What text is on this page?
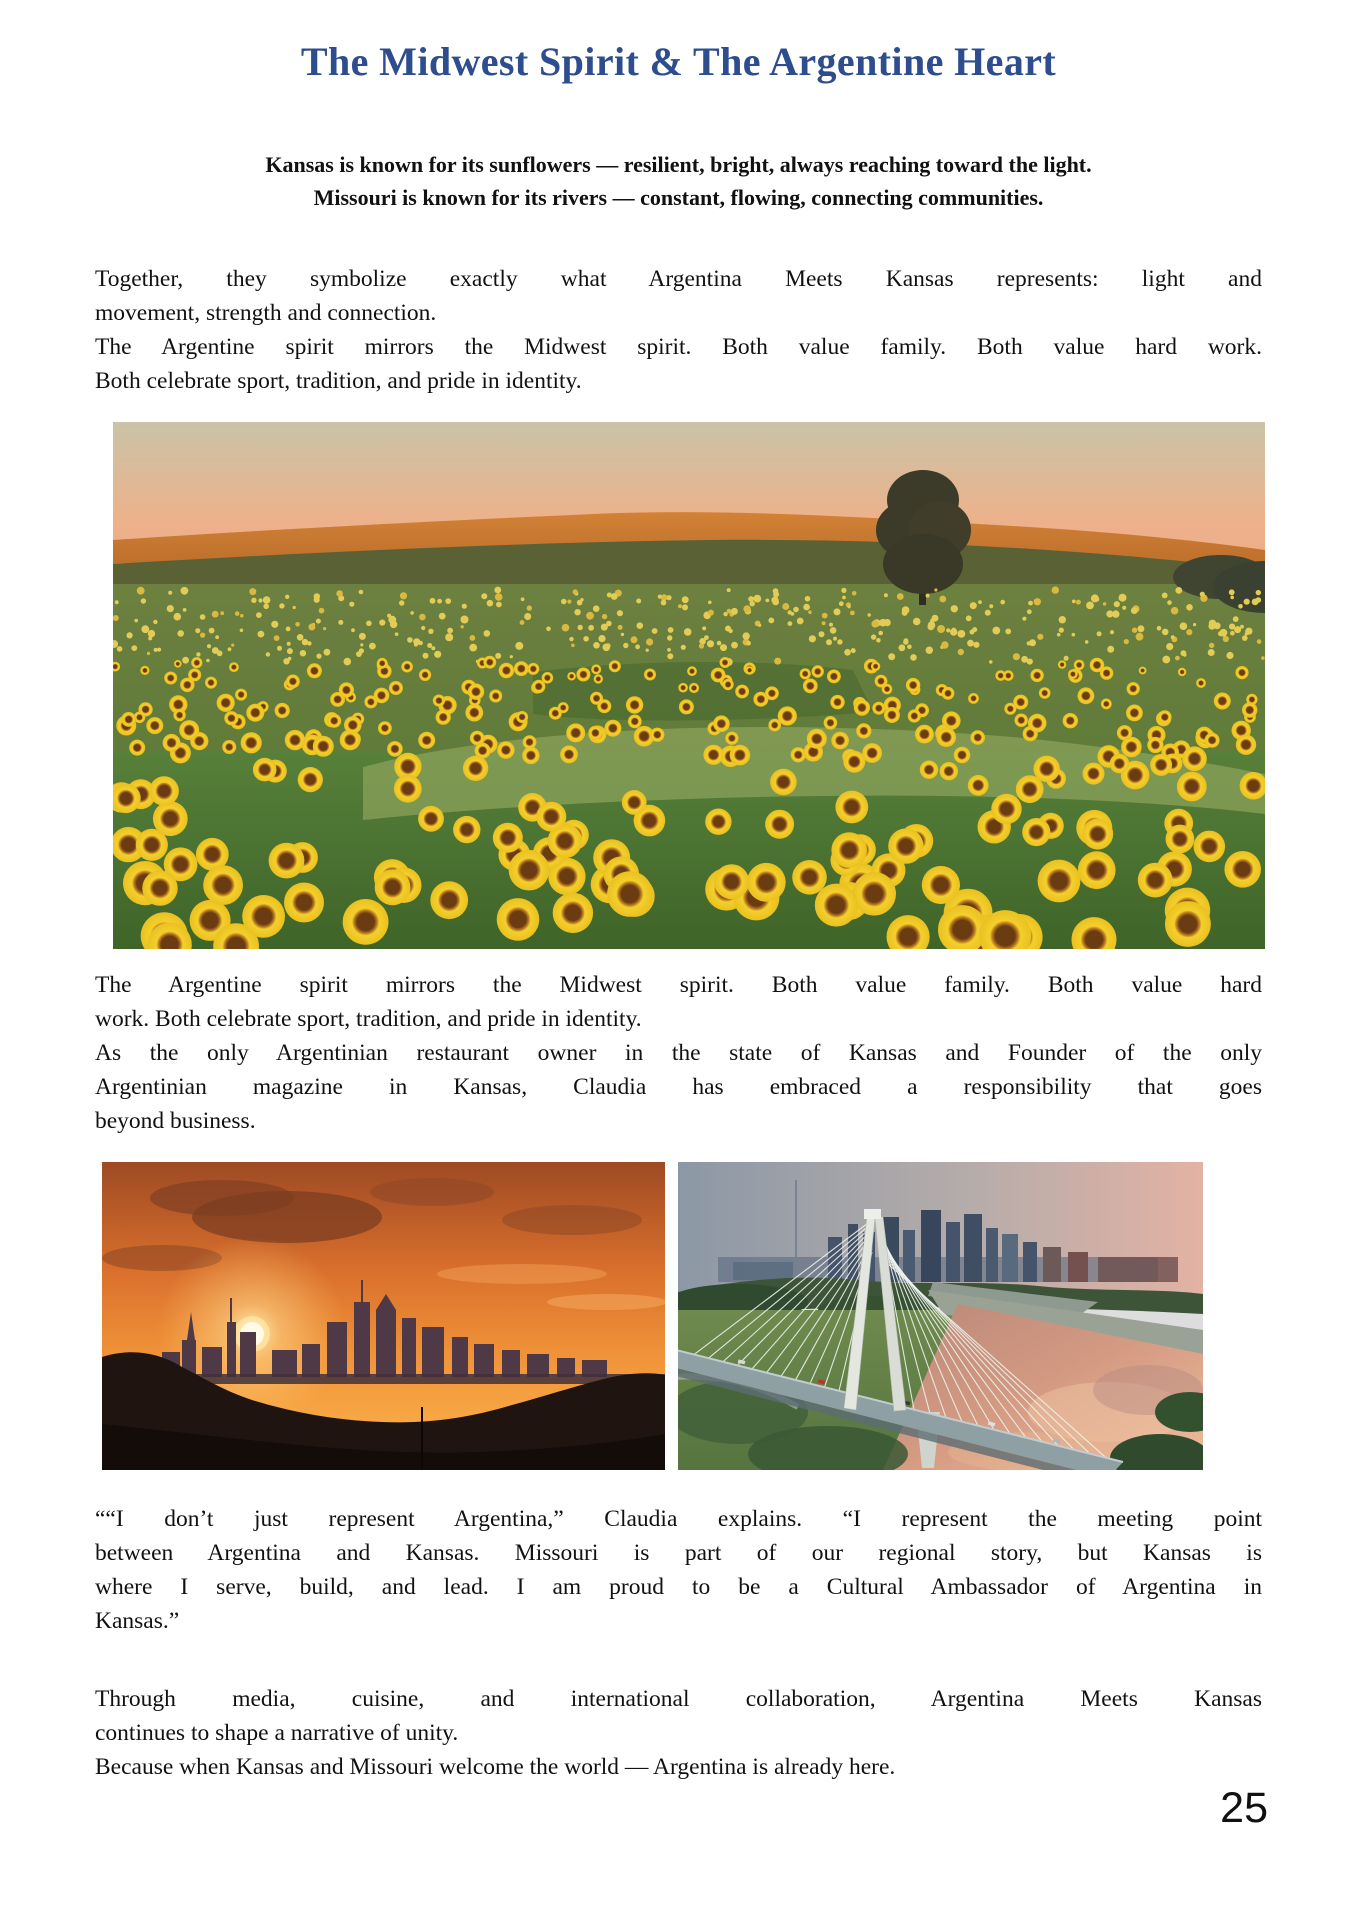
The Midwest Spirit & The Argentine Heart
Kansas is known for its sunflowers — resilient, bright, always reaching toward the light.
Missouri is known for its rivers — constant, flowing, connecting communities.
Together, they symbolize exactly what Argentina Meets Kansas represents: light and
movement, strength and connection.
The Argentine spirit mirrors the Midwest spirit. Both value family. Both value hard work.
Both celebrate sport, tradition, and pride in identity.
The Argentine spirit mirrors the Midwest spirit. Both value family. Both value hard
work. Both celebrate sport, tradition, and pride in identity.
As the only Argentinian restaurant owner in the state of Kansas and Founder of the only
Argentinian magazine in Kansas, Claudia has embraced a responsibility that goes
beyond business.
““I don’t just represent Argentina,” Claudia explains. “I represent the meeting point
between Argentina and Kansas. Missouri is part of our regional story, but Kansas is
where I serve, build, and lead. I am proud to be a Cultural Ambassador of Argentina in
Kansas.”
Through media, cuisine, and international collaboration, Argentina Meets Kansas
continues to shape a narrative of unity.
Because when Kansas and Missouri welcome the world — Argentina is already here.
25
